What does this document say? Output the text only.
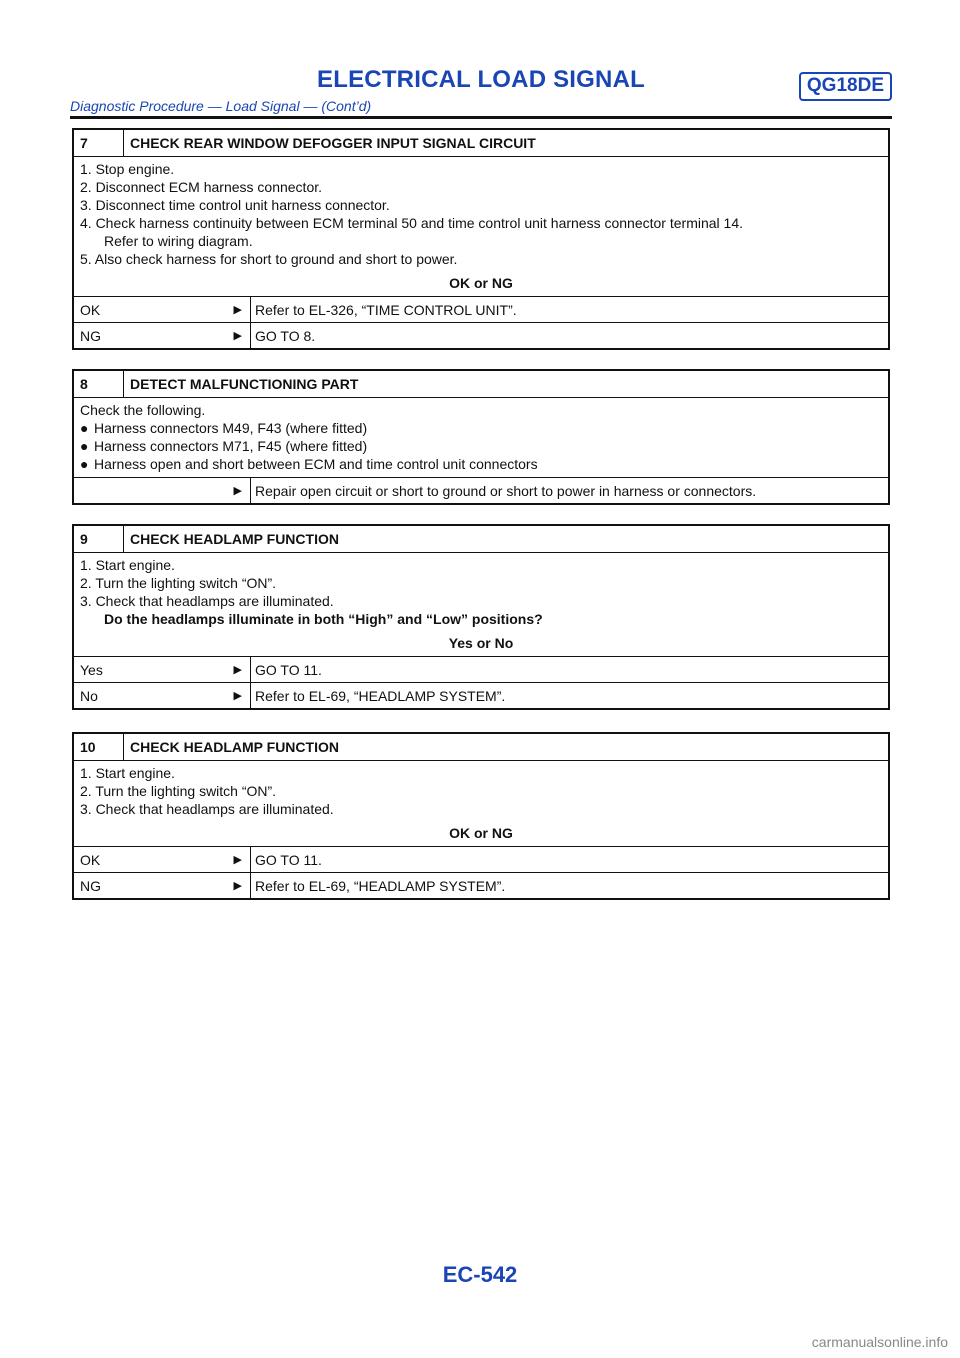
ELECTRICAL LOAD SIGNAL	QG18DE
Diagnostic Procedure — Load Signal — (Cont’d)
7	CHECK REAR WINDOW DEFOGGER INPUT SIGNAL CIRCUIT
1. Stop engine.
2. Disconnect ECM harness connector.
3. Disconnect time control unit harness connector.
4. Check harness continuity between ECM terminal 50 and time control unit harness connector terminal 14.
Refer to wiring diagram.
5. Also check harness for short to ground and short to power.
OK or NG
OK	▶ Refer to EL-326, “TIME CONTROL UNIT”.
NG	▶ GO TO 8.
8	DETECT MALFUNCTIONING PART
Check the following.
● Harness connectors M49, F43 (where fitted)
● Harness connectors M71, F45 (where fitted)
● Harness open and short between ECM and time control unit connectors
▶ Repair open circuit or short to ground or short to power in harness or connectors.
9	CHECK HEADLAMP FUNCTION
1. Start engine.
2. Turn the lighting switch “ON”.
3. Check that headlamps are illuminated.
Do the headlamps illuminate in both “High” and “Low” positions?
Yes or No
Yes	▶ GO TO 11.
No	▶ Refer to EL-69, “HEADLAMP SYSTEM”.
10	CHECK HEADLAMP FUNCTION
1. Start engine.
2. Turn the lighting switch “ON”.
3. Check that headlamps are illuminated.
OK or NG
OK	▶ GO TO 11.
NG	▶ Refer to EL-69, “HEADLAMP SYSTEM”.
EC-542
carmanualsonline.info
